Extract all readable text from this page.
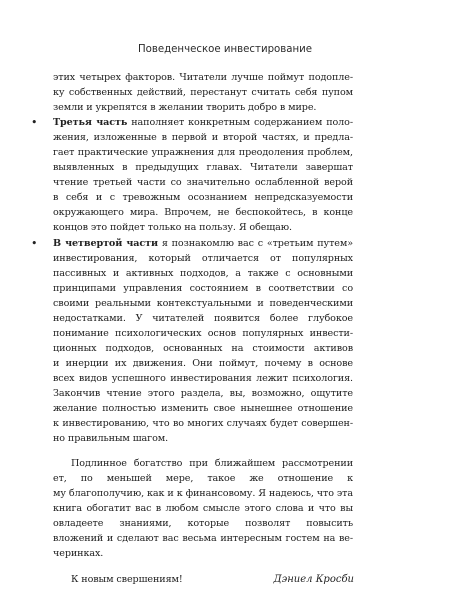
Поведенческое инвестирование
этих четырех факторов. Читатели лучше поймут подопле-
ку собственных действий, перестанут считать себя пупом
земли и укрепятся в желании творить добро в мире.
• Третья часть наполняет конкретным содержанием поло-
жения, изложенные в первой и второй частях, и предла-
гает практические упражнения для преодоления проблем,
выявленных в предыдущих главах. Читатели завершат
чтение третьей части со значительно ослабленной верой
в себя и с тревожным осознанием непредсказуемости
окружающего мира. Впрочем, не беспокойтесь, в конце
концов это пойдет только на пользу. Я обещаю.
• В четвертой части я познакомлю вас с «третьим путем»
инвестирования, который отличается от популярных
пассивных и активных подходов, а также с основными
принципами управления состоянием в соответствии со
своими реальными контекстуальными и поведенческими
недостатками. У читателей появится более глубокое
понимание психологических основ популярных инвести-
ционных подходов, основанных на стоимости активов
и инерции их движения. Они поймут, почему в основе
всех видов успешного инвестирования лежит психология.
Закончив чтение этого раздела, вы, возможно, ощутите
желание полностью изменить свое нынешнее отношение
к инвестированию, что во многих случаях будет совершен-
но правильным шагом.
Подлинное богатство при ближайшем рассмотрении
ет, по меньшей мере, такое же отношение к
му благополучию, как и к финансовому. Я надеюсь, что эта
книга обогатит вас в любом смысле этого слова и что вы
овладеете знаниями, которые позволят повысить
вложений и сделают вас весьма интересным гостем на ве-
черинках.
К новым свершениям!	Дэниел Кросби
